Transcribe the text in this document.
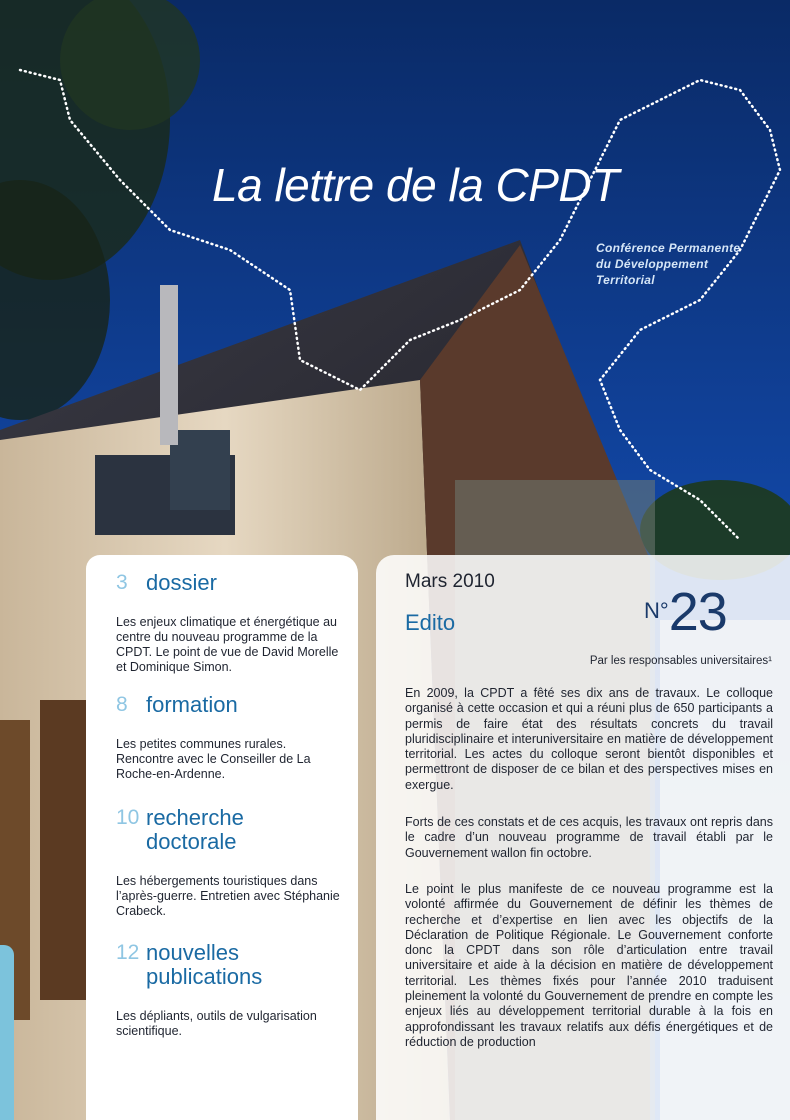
La lettre de la CPDT
Conférence Permanente
du Développement
Territorial
3 dossier
Les enjeux climatique et énergétique au centre du nouveau programme de la CPDT. Le point de vue de David Morelle et Dominique Simon.
8 formation
Les petites communes rurales. Rencontre avec le Conseiller de La Roche-en-Ardenne.
10 recherche
doctorale
Les hébergements touristiques dans l’après-guerre. Entretien avec Stéphanie Crabeck.
12 nouvelles
publications
Les dépliants, outils de vulgarisation scientifique.
Mars 2010
Edito	N°23
Par les responsables universitaires¹
En 2009, la CPDT a fêté ses dix ans de travaux. Le colloque organisé à cette occasion et qui a réuni plus de 650 participants a permis de faire état des résultats concrets du travail pluridisciplinaire et interuniversitaire en matière de développement territorial. Les actes du colloque seront bientôt disponibles et permettront de disposer de ce bilan et des perspectives mises en exergue.
Forts de ces constats et de ces acquis, les travaux ont repris dans le cadre d’un nouveau programme de travail établi par le Gouvernement wallon fin octobre.
Le point le plus manifeste de ce nouveau programme est la volonté affirmée du Gouvernement de définir les thèmes de recherche et d’expertise en lien avec les objectifs de la Déclaration de Politique Régionale. Le Gouvernement conforte donc la CPDT dans son rôle d’articulation entre travail universitaire et aide à la décision en matière de développement territorial. Les thèmes fixés pour l’année 2010 traduisent pleinement la volonté du Gouvernement de prendre en compte les enjeux liés au développement territorial durable à la fois en approfondissant les travaux relatifs aux défis énergétiques et de réduction de production
